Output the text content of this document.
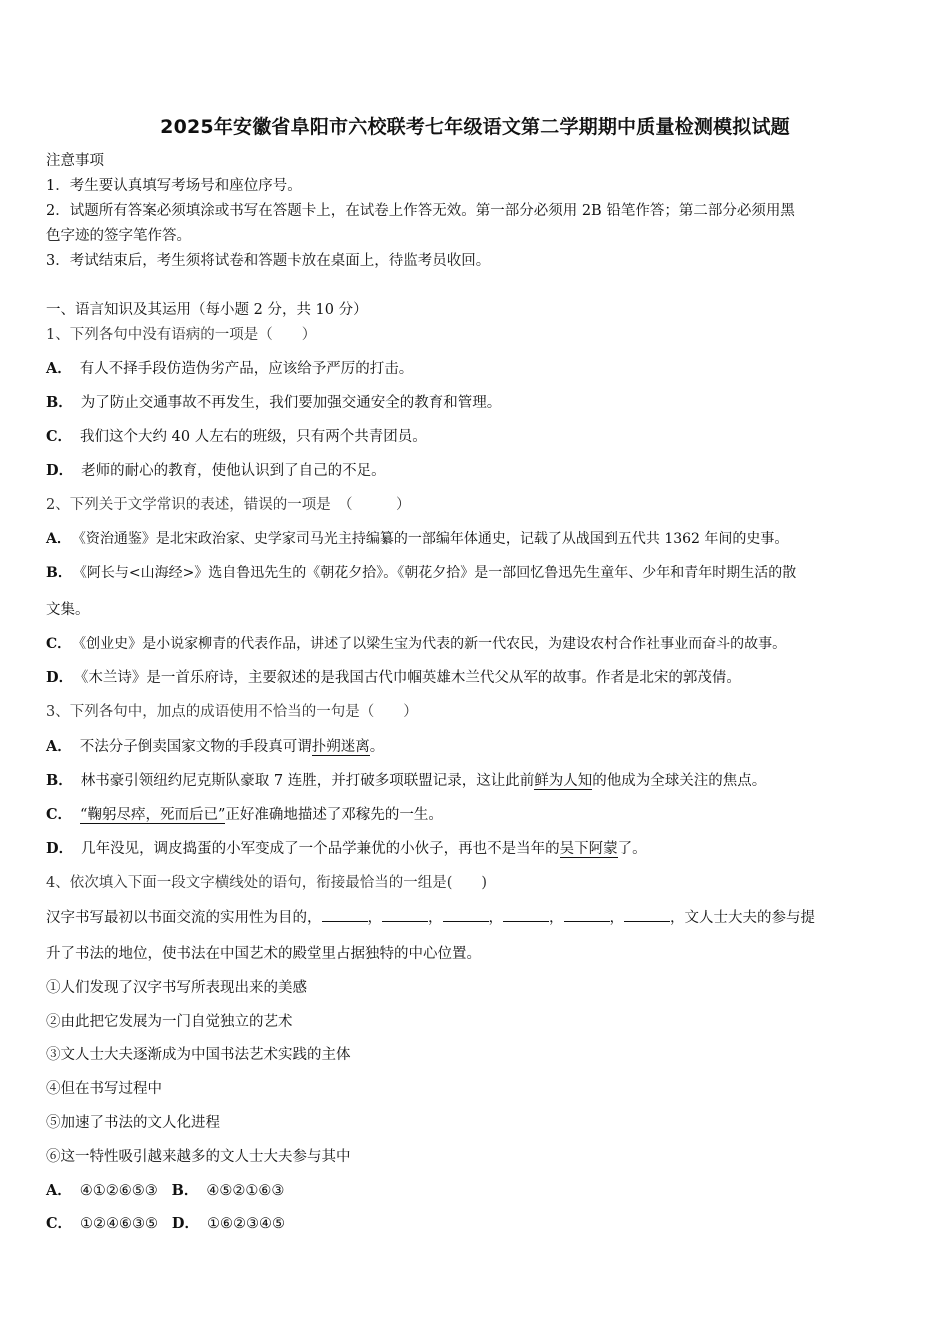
2025年安徽省阜阳市六校联考七年级语文第二学期期中质量检测模拟试题
注意事项
1．考生要认真填写考场号和座位序号。
2．试题所有答案必须填涂或书写在答题卡上，在试卷上作答无效。第一部分必须用 2B 铅笔作答；第二部分必须用黑
色字迹的签字笔作答。
3．考试结束后，考生须将试卷和答题卡放在桌面上，待监考员收回。
一、语言知识及其运用（每小题 2 分，共 10 分）
1、下列各句中没有语病的一项是（　　）
A． 有人不择手段仿造伪劣产品，应该给予严厉的打击。
B． 为了防止交通事故不再发生，我们要加强交通安全的教育和管理。
C． 我们这个大约 40 人左右的班级，只有两个共青团员。
D． 老师的耐心的教育，使他认识到了自己的不足。
2、下列关于文学常识的表述，错误的一项是　（　　　）
A． 《资治通鉴》是北宋政治家、史学家司马光主持编纂的一部编年体通史，记载了从战国到五代共 1362 年间的史事。
B． 《阿长与<山海经>》选自鲁迅先生的《朝花夕拾》。《朝花夕拾》是一部回忆鲁迅先生童年、少年和青年时期生活的散
文集。
C． 《创业史》是小说家柳青的代表作品，讲述了以梁生宝为代表的新一代农民，为建设农村合作社事业而奋斗的故事。
D． 《木兰诗》是一首乐府诗，主要叙述的是我国古代巾帼英雄木兰代父从军的故事。作者是北宋的郭茂倩。
3、下列各句中，加点的成语使用不恰当的一句是（　　）
A． 不法分子倒卖国家文物的手段真可谓扑朔迷离。
B． 林书豪引领纽约尼克斯队豪取 7 连胜，并打破多项联盟记录，这让此前鲜为人知的他成为全球关注的焦点。
C． “鞠躬尽瘁，死而后已”正好准确地描述了邓稼先的一生。
D． 几年没见，调皮捣蛋的小军变成了一个品学兼优的小伙子，再也不是当年的吴下阿蒙了。
4、依次填入下面一段文字横线处的语句，衔接最恰当的一组是(　　)
汉字书写最初以书面交流的实用性为目的，	，	，	，	，	，	，文人士大夫的参与提
升了书法的地位，使书法在中国艺术的殿堂里占据独特的中心位置。
①人们发现了汉字书写所表现出来的美感
②由此把它发展为一门自觉独立的艺术
③文人士大夫逐渐成为中国书法艺术实践的主体
④但在书写过程中
⑤加速了书法的文人化进程
⑥这一特性吸引越来越多的文人士大夫参与其中
A． ④①②⑥⑤③ B． ④⑤②①⑥③
C． ①②④⑥③⑤ D． ①⑥②③④⑤
